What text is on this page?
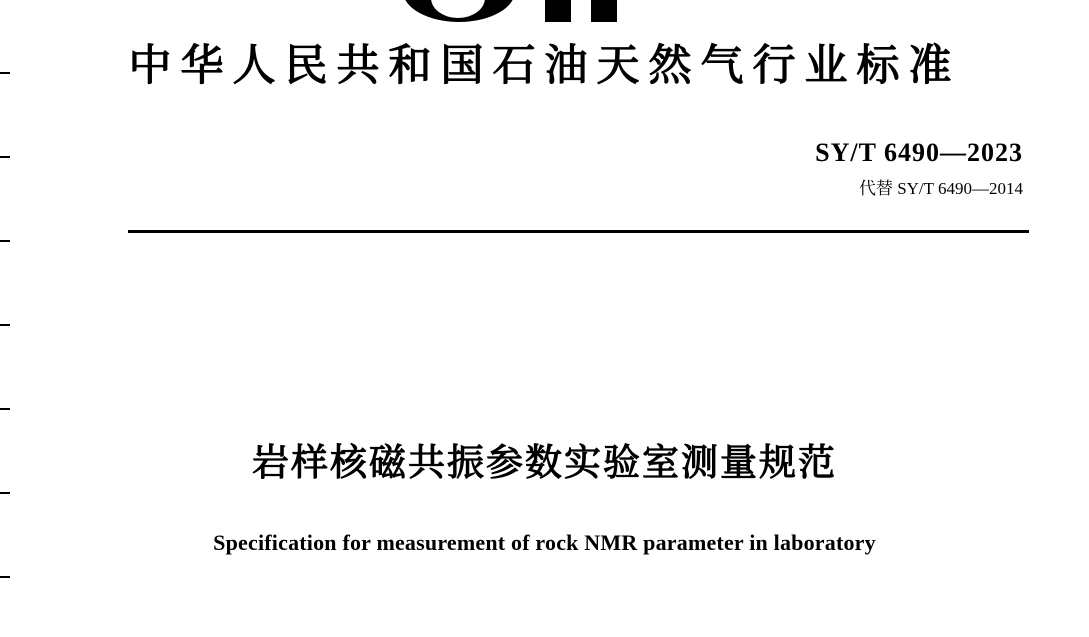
中华人民共和国石油天然气行业标准
SY/T 6490—2023
代替 SY/T 6490—2014
岩样核磁共振参数实验室测量规范
Specification for measurement of rock NMR parameter in laboratory
